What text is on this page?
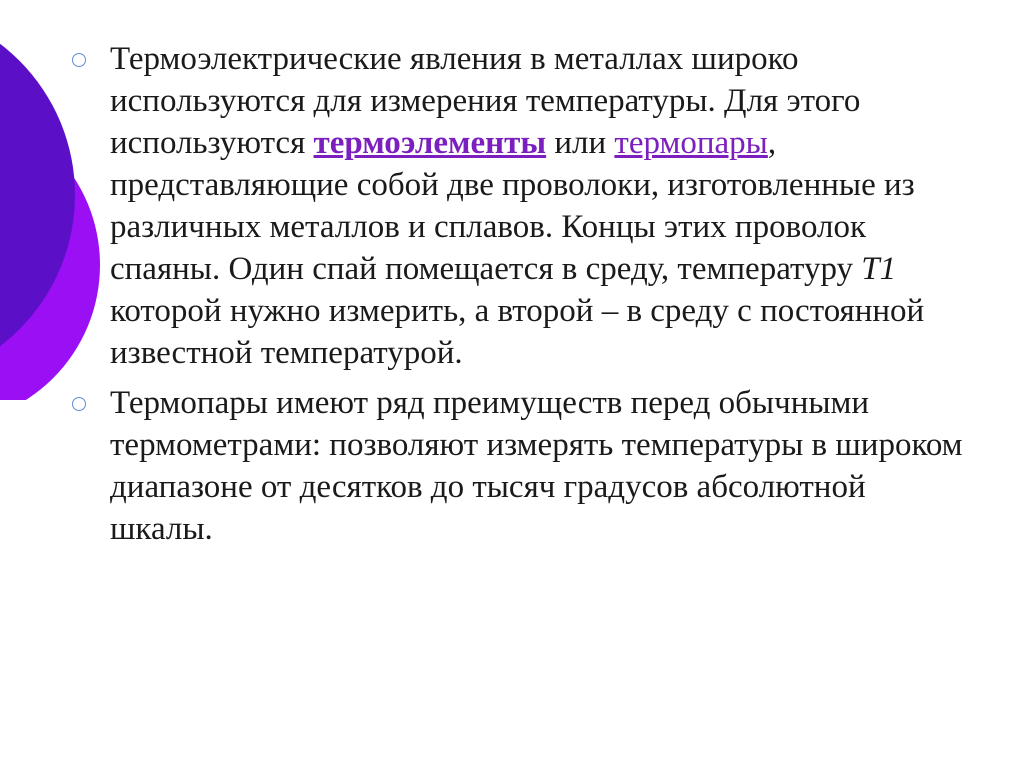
Термоэлектрические явления в металлах широко используются для измерения температуры. Для этого используются термоэлементы или термопары, представляющие собой две проволоки, изготовленные из различных металлов и сплавов. Концы этих проволок спаяны. Один спай помещается в среду, температуру Т1 которой нужно измерить, а второй – в среду с постоянной известной температурой.

Термопары имеют ряд преимуществ перед обычными термометрами: позволяют измерять температуры в широком диапазоне от десятков до тысяч градусов абсолютной шкалы.
